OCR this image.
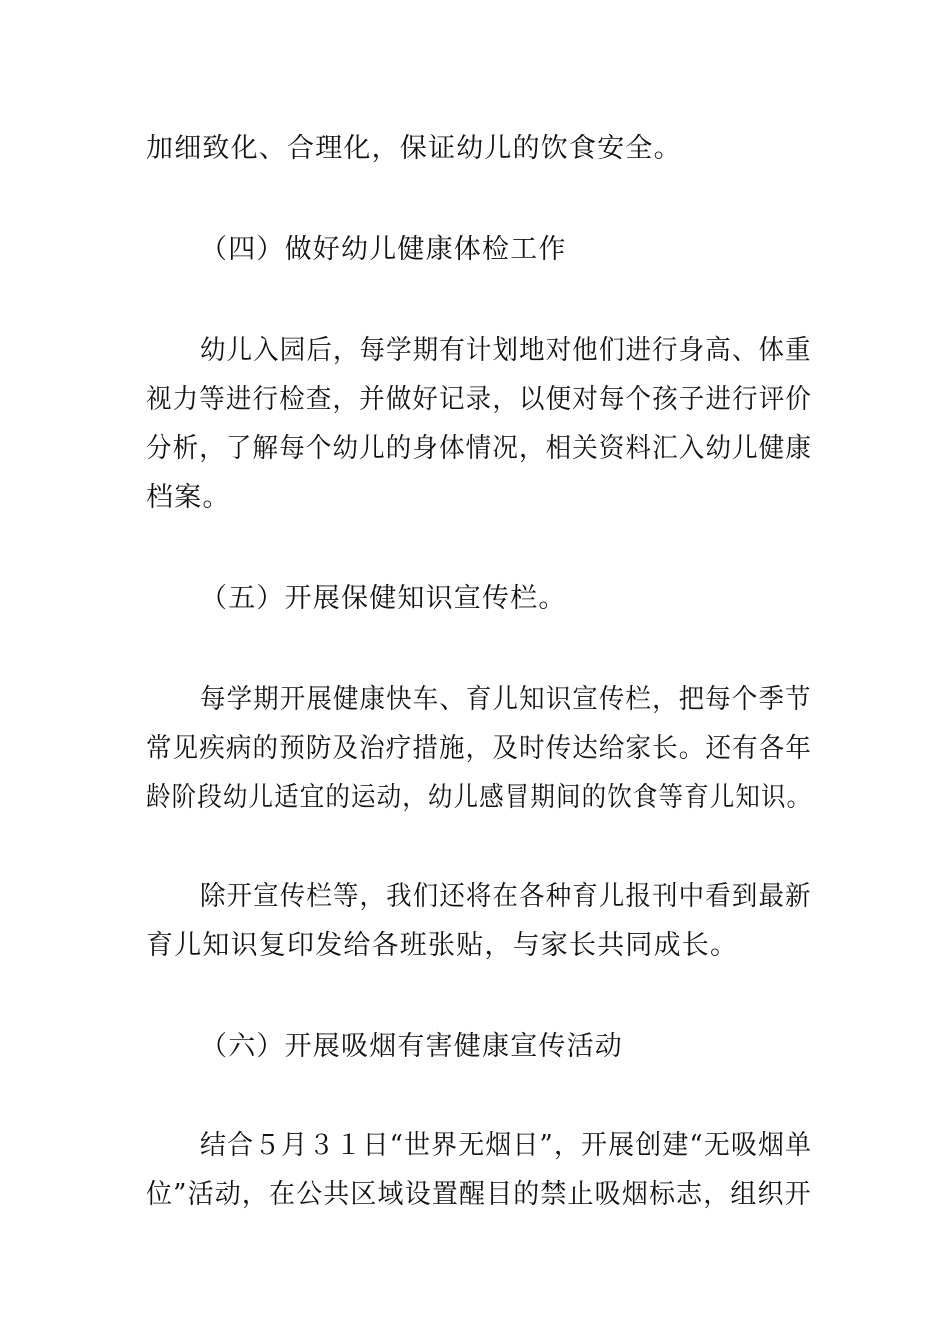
加细致化、合理化，保证幼儿的饮食安全。
（四）做好幼儿健康体检工作
幼儿入园后，每学期有计划地对他们进行身高、体重
视力等进行检查，并做好记录，以便对每个孩子进行评价
分析，了解每个幼儿的身体情况，相关资料汇入幼儿健康
档案。
（五）开展保健知识宣传栏。
每学期开展健康快车、育儿知识宣传栏，把每个季节
常见疾病的预防及治疗措施，及时传达给家长。还有各年
龄阶段幼儿适宜的运动，幼儿感冒期间的饮食等育儿知识。
除开宣传栏等，我们还将在各种育儿报刊中看到最新
育儿知识复印发给各班张贴，与家长共同成长。
（六）开展吸烟有害健康宣传活动
结合５月３１日“世界无烟日”，开展创建“无吸烟单
位”活动，在公共区域设置醒目的禁止吸烟标志，组织开
